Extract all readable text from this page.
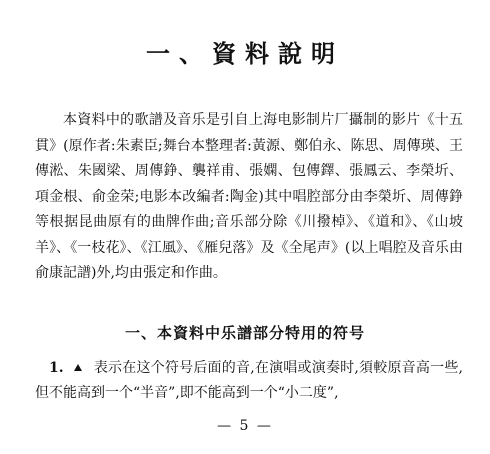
一、資料說明

本資料中的歌譜及音乐是引自上海电影制片厂攝制的影片《十五貫》(原作者:朱素臣;舞台本整理者:黃源、鄭伯永、陈思、周傳瑛、王傳淞、朱國梁、周傳錚、襲祥甫、張嫻、包傳鐸、張鳳云、李榮圻、項金根、俞金荣;电影本改編者:陶金)其中唱腔部分由李榮圻、周傳錚等根据昆曲原有的曲牌作曲;音乐部分除《川撥棹》、《道和》、《山坡羊》、《一枝花》、《江風》、《雁兒落》及《全尾声》(以上唱腔及音乐由俞康記譜)外,均由張定和作曲。

一、本資料中乐譜部分特用的符号

1. 表示在这个符号后面的音,在演唱或演奏时,須較原音高一些,但不能高到一个“半音”,即不能高到一个“小二度”,

— 5 —
